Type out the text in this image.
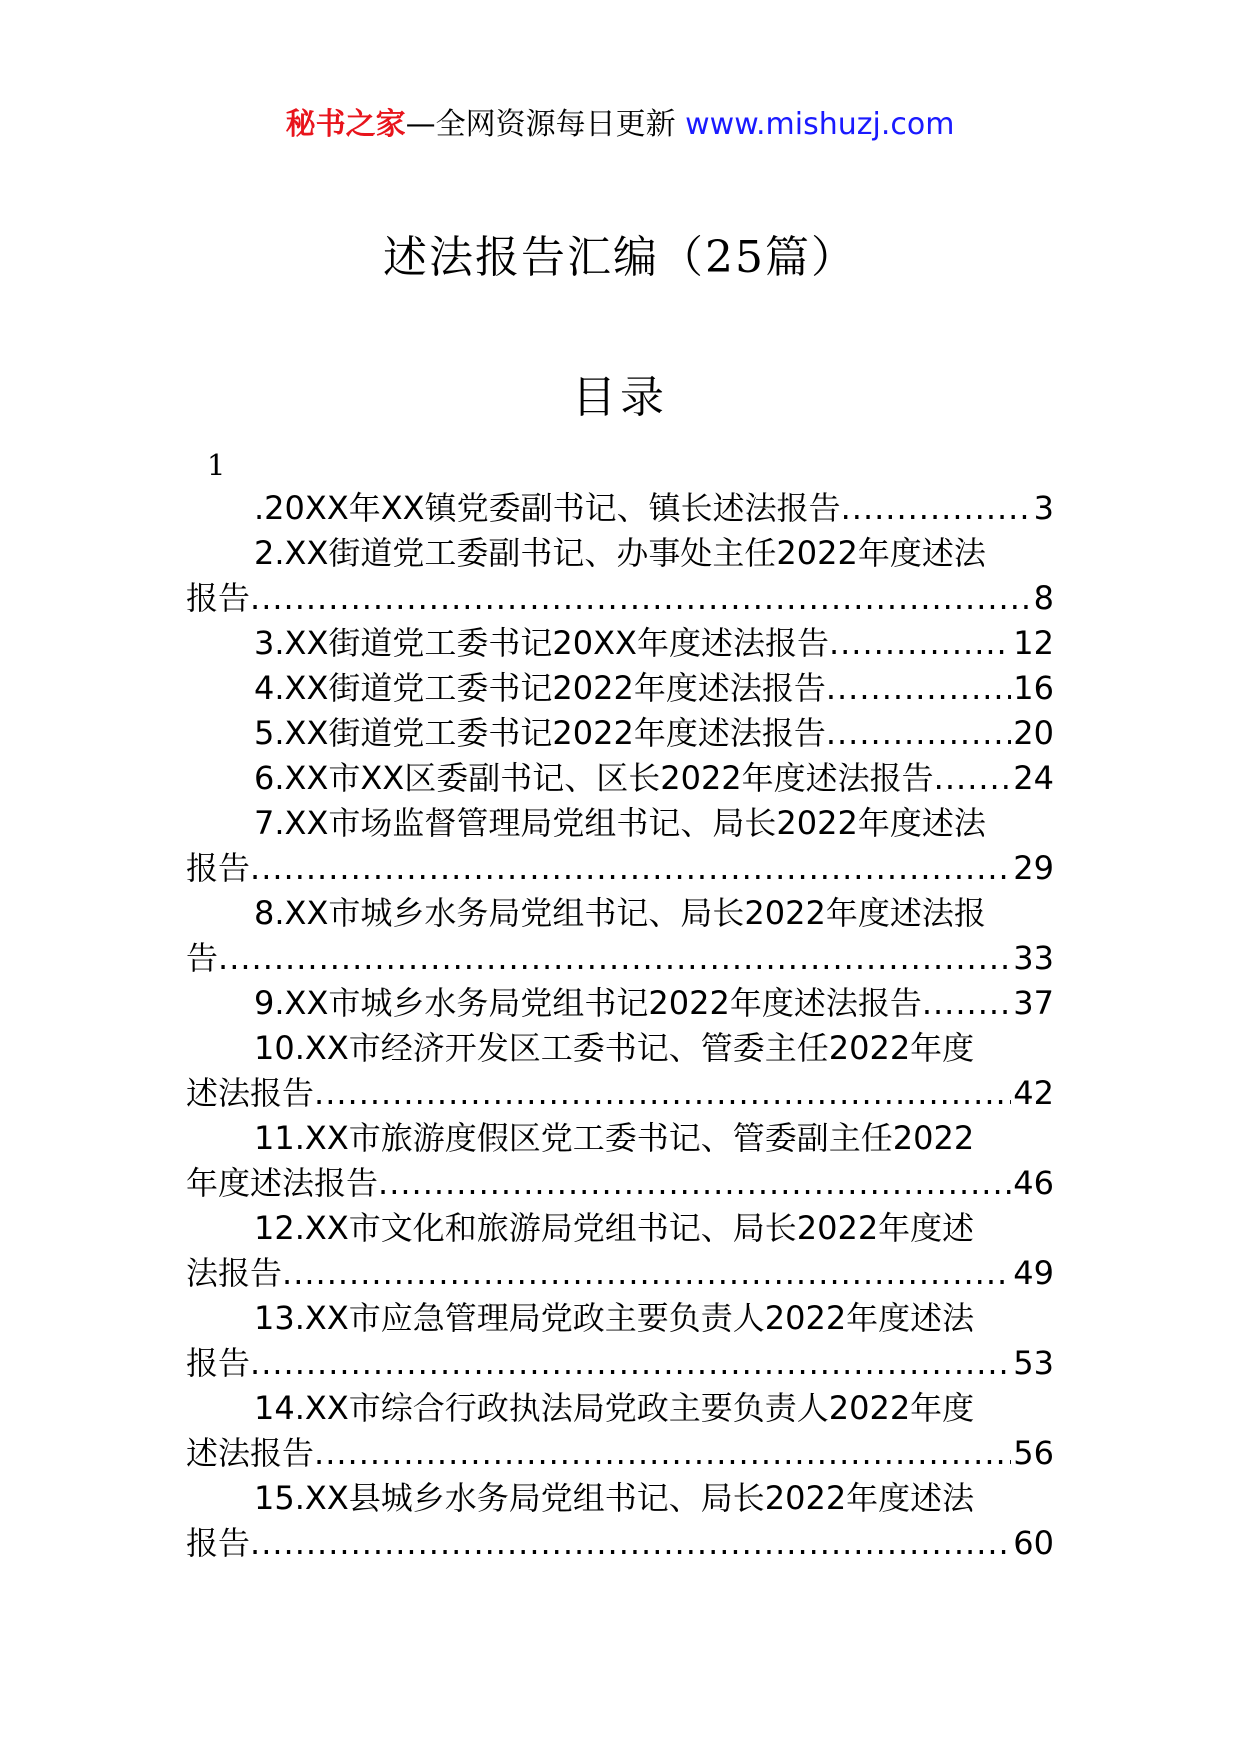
秘书之家—全网资源每日更新 www.mishuzj.com
述法报告汇编（25篇）
目录
1
.20XX年XX镇党委副书记、镇长述法报告 .....	3
2.XX街道党工委副书记、办事处主任2022年度述法
报告 .....	8
3.XX街道党工委书记20XX年度述法报告 .....	12
4.XX街道党工委书记2022年度述法报告 .....	16
5.XX街道党工委书记2022年度述法报告 .....	20
6.XX市XX区委副书记、区长2022年度述法报告 ..... 24
7.XX市场监督管理局党组书记、局长2022年度述法
报告 .....	29
8.XX市城乡水务局党组书记、局长2022年度述法报
告 .....	33
9.XX市城乡水务局党组书记2022年度述法报告 .....	37
10.XX市经济开发区工委书记、管委主任2022年度
述法报告 .....	42
11.XX市旅游度假区党工委书记、管委副主任2022
年度述法报告 .....	46
12.XX市文化和旅游局党组书记、局长2022年度述
法报告 .....	49
13.XX市应急管理局党政主要负责人2022年度述法
报告 .....	53
14.XX市综合行政执法局党政主要负责人2022年度
述法报告 .....	56
15.XX县城乡水务局党组书记、局长2022年度述法
报告 .....	60
